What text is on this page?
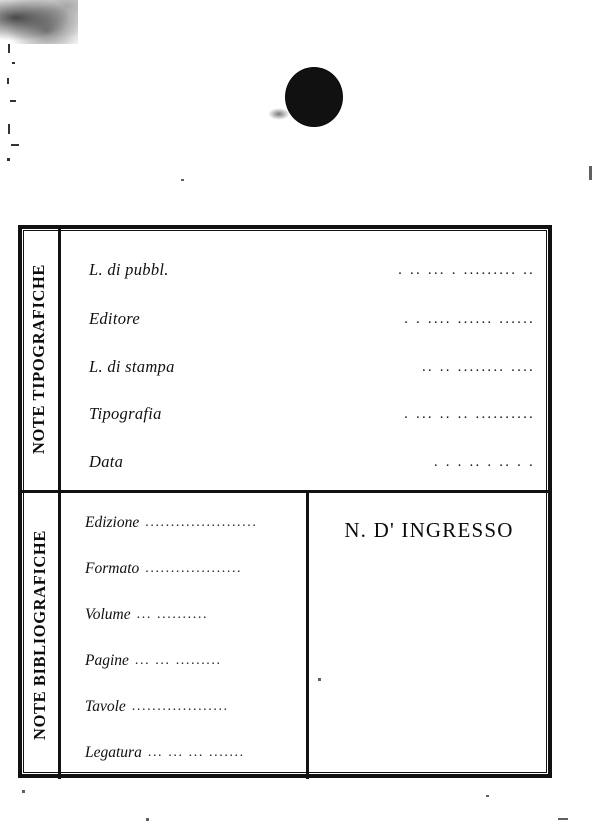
NOTE TIPOGRAFICHE
NOTE BIBLIOGRAFICHE
L. di pubbl.	. .. ... . ......... ..
Editore	. . .... ...... ......
L. di stampa	.. .. ........ ....
Tipografia	. ... .. .. ..........
Data	. . . .. . .. . .
Edizione ......................
Formato ...................
Volume ... ..........
Pagine ... ... .........
Tavole ...................
Legatura ... ... ... .......
N. D' INGRESSO
